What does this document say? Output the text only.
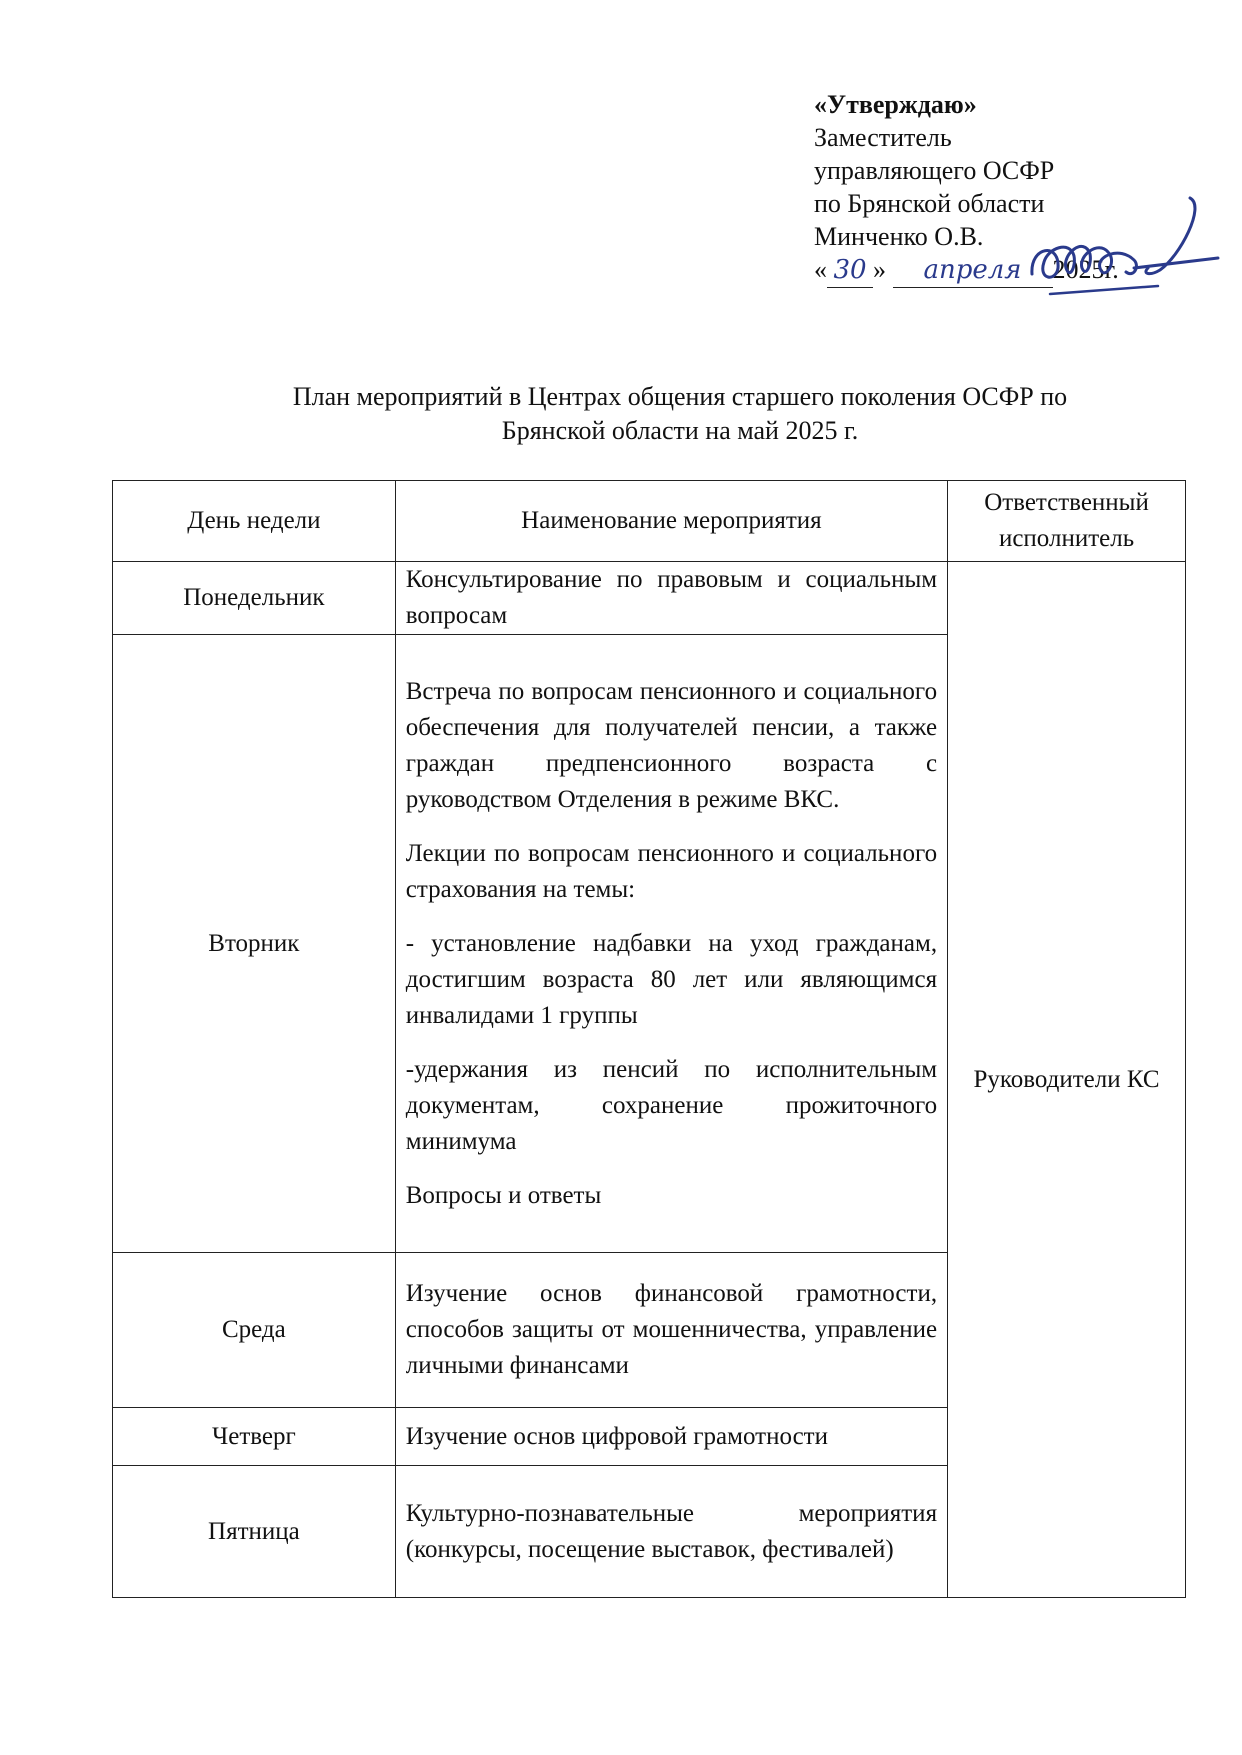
«Утверждаю»
Заместитель
управляющего ОСФР
по Брянской области
Минченко О.В.
« 30 » апреля 2025г.
План мероприятий в Центрах общения старшего поколения ОСФР по
Брянской области на май 2025 г.
День недели	Наименование мероприятия	Ответственный исполнитель
Понедельник	Консультирование по правовым и социальным вопросам	Руководители КС
Вторник	Встреча по вопросам пенсионного и социального обеспечения для получателей пенсии, а также граждан предпенсионного возраста с руководством Отделения в режиме ВКС.

Лекции по вопросам пенсионного и социального страхования на темы:

- установление надбавки на уход гражданам, достигшим возраста 80 лет или являющимся инвалидами 1 группы

-удержания из пенсий по исполнительным документам, сохранение прожиточного минимума

Вопросы и ответы	

Среда	Изучение основ финансовой грамотности, способов защиты от мошенничества, управление личными финансами	

Четверг	Изучение основ цифровой грамотности	

Пятница	Культурно-познавательные мероприятия (конкурсы, посещение выставок, фестивалей)	
